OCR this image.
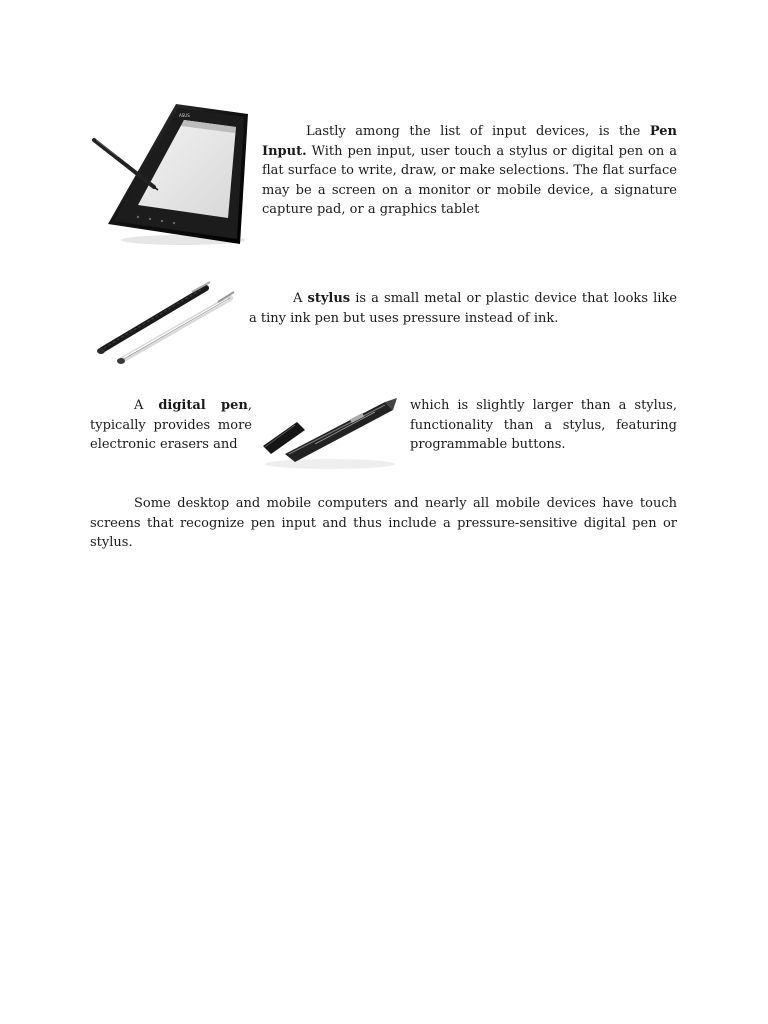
ASUS

Lastly among the list of input devices, is the Pen Input. With pen input, user touch a stylus or digital pen on a flat surface to write, draw, or make selections. The flat surface may be a screen on a monitor or mobile device, a signature capture pad, or a graphics tablet

A stylus is a small metal or plastic device that looks like a tiny ink pen but uses pressure instead of ink.

A digital pen, typically provides more electronic erasers and

which is slightly larger than a stylus, functionality than a stylus, featuring programmable buttons.

Some desktop and mobile computers and nearly all mobile devices have touch screens that recognize pen input and thus include a pressure-sensitive digital pen or stylus.
